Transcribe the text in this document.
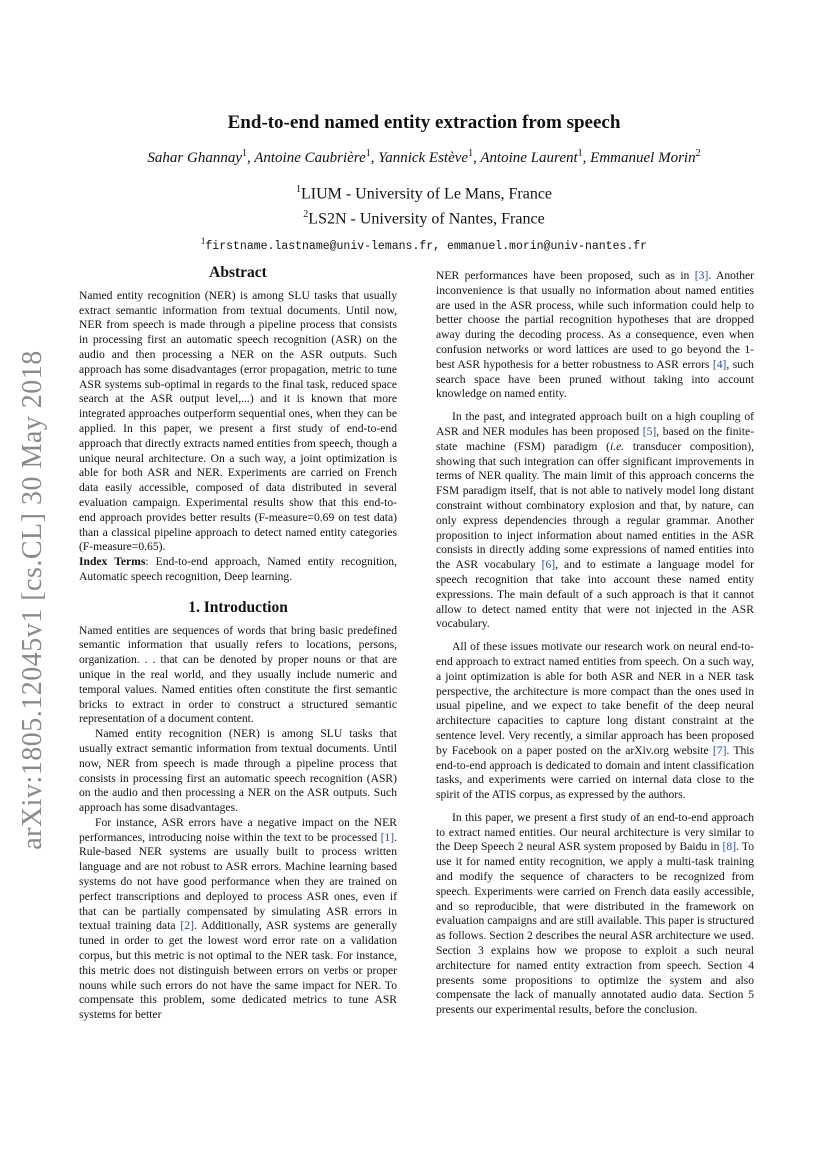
arXiv:1805.12045v1 [cs.CL] 30 May 2018
End-to-end named entity extraction from speech
Sahar Ghannay$^1$, Antoine Caubrière$^1$, Yannick Estève$^1$, Antoine Laurent$^1$, Emmanuel Morin$^2$
$^1$LIUM - University of Le Mans, France
$^2$LS2N - University of Nantes, France
$^1$firstname.lastname@univ-lemans.fr, emmanuel.morin@univ-nantes.fr
Abstract

Named entity recognition (NER) is among SLU tasks that usually extract semantic information from textual documents. Until now, NER from speech is made through a pipeline process that consists in processing first an automatic speech recognition (ASR) on the audio and then processing a NER on the ASR outputs. Such approach has some disadvantages (error propagation, metric to tune ASR systems sub-optimal in regards to the final task, reduced space search at the ASR output level,...) and it is known that more integrated approaches outperform sequential ones, when they can be applied. In this paper, we present a first study of end-to-end approach that directly extracts named entities from speech, though a unique neural architecture. On a such way, a joint optimization is able for both ASR and NER. Experiments are carried on French data easily accessible, composed of data distributed in several evaluation campaign. Experimental results show that this end-to-end approach provides better results (F-measure=0.69 on test data) than a classical pipeline approach to detect named entity categories (F-measure=0.65).

Index Terms: End-to-end approach, Named entity recognition, Automatic speech recognition, Deep learning.

1. Introduction

Named entities are sequences of words that bring basic predefined semantic information that usually refers to locations, persons, organization. . . that can be denoted by proper nouns or that are unique in the real world, and they usually include numeric and temporal values. Named entities often constitute the first semantic bricks to extract in order to construct a structured semantic representation of a document content.

Named entity recognition (NER) is among SLU tasks that usually extract semantic information from textual documents. Until now, NER from speech is made through a pipeline process that consists in processing first an automatic speech recognition (ASR) on the audio and then processing a NER on the ASR outputs. Such approach has some disadvantages.

For instance, ASR errors have a negative impact on the NER performances, introducing noise within the text to be processed [1]. Rule-based NER systems are usually built to process written language and are not robust to ASR errors. Machine learning based systems do not have good performance when they are trained on perfect transcriptions and deployed to process ASR ones, even if that can be partially compensated by simulating ASR errors in textual training data [2]. Additionally, ASR systems are generally tuned in order to get the lowest word error rate on a validation corpus, but this metric is not optimal to the NER task. For instance, this metric does not distinguish between errors on verbs or proper nouns while such errors do not have the same impact for NER. To compensate this problem, some dedicated metrics to tune ASR systems for better

NER performances have been proposed, such as in [3]. Another inconvenience is that usually no information about named entities are used in the ASR process, while such information could help to better choose the partial recognition hypotheses that are dropped away during the decoding process. As a consequence, even when confusion networks or word lattices are used to go beyond the 1-best ASR hypothesis for a better robustness to ASR errors [4], such search space have been pruned without taking into account knowledge on named entity.

In the past, and integrated approach built on a high coupling of ASR and NER modules has been proposed [5], based on the finite-state machine (FSM) paradigm (i.e. transducer composition), showing that such integration can offer significant improvements in terms of NER quality. The main limit of this approach concerns the FSM paradigm itself, that is not able to natively model long distant constraint without combinatory explosion and that, by nature, can only express dependencies through a regular grammar. Another proposition to inject information about named entities in the ASR consists in directly adding some expressions of named entities into the ASR vocabulary [6], and to estimate a language model for speech recognition that take into account these named entity expressions. The main default of a such approach is that it cannot allow to detect named entity that were not injected in the ASR vocabulary.

All of these issues motivate our research work on neural end-to-end approach to extract named entities from speech. On a such way, a joint optimization is able for both ASR and NER in a NER task perspective, the architecture is more compact than the ones used in usual pipeline, and we expect to take benefit of the deep neural architecture capacities to capture long distant constraint at the sentence level. Very recently, a similar approach has been proposed by Facebook on a paper posted on the arXiv.org website [7]. This end-to-end approach is dedicated to domain and intent classification tasks, and experiments were carried on internal data close to the spirit of the ATIS corpus, as expressed by the authors.

In this paper, we present a first study of an end-to-end approach to extract named entities. Our neural architecture is very similar to the Deep Speech 2 neural ASR system proposed by Baidu in [8]. To use it for named entity recognition, we apply a multi-task training and modify the sequence of characters to be recognized from speech. Experiments were carried on French data easily accessible, and so reproducible, that were distributed in the framework on evaluation campaigns and are still available. This paper is structured as follows. Section 2 describes the neural ASR architecture we used. Section 3 explains how we propose to exploit a such neural architecture for named entity extraction from speech. Section 4 presents some propositions to optimize the system and also compensate the lack of manually annotated audio data. Section 5 presents our experimental results, before the conclusion.
